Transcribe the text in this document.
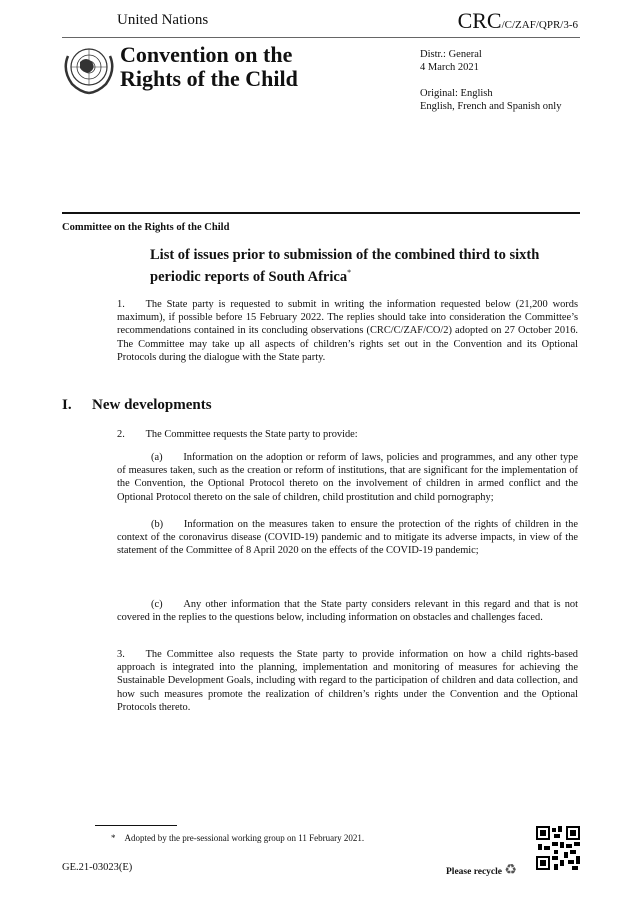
United Nations	CRC/C/ZAF/QPR/3-6
Convention on the
Rights of the Child
Distr.: General
4 March 2021
Original: English
English, French and Spanish only
Committee on the Rights of the Child
List of issues prior to submission of the combined third to sixth periodic reports of South Africa*
1.  The State party is requested to submit in writing the information requested below (21,200 words maximum), if possible before 15 February 2022. The replies should take into consideration the Committee’s recommendations contained in its concluding observations (CRC/C/ZAF/CO/2) adopted on 27 October 2016. The Committee may take up all aspects of children’s rights set out in the Convention and its Optional Protocols during the dialogue with the State party.
I. New developments
2.  The Committee requests the State party to provide:
(a)  Information on the adoption or reform of laws, policies and programmes, and any other type of measures taken, such as the creation or reform of institutions, that are significant for the implementation of the Convention, the Optional Protocol thereto on the involvement of children in armed conflict and the Optional Protocol thereto on the sale of children, child prostitution and child pornography;
(b)  Information on the measures taken to ensure the protection of the rights of children in the context of the coronavirus disease (COVID-19) pandemic and to mitigate its adverse impacts, in view of the statement of the Committee of 8 April 2020 on the effects of the COVID-19 pandemic;
(c)  Any other information that the State party considers relevant in this regard and that is not covered in the replies to the questions below, including information on obstacles and challenges faced.
3.  The Committee also requests the State party to provide information on how a child rights-based approach is integrated into the planning, implementation and monitoring of measures for achieving the Sustainable Development Goals, including with regard to the participation of children and data collection, and how such measures promote the realization of children’s rights under the Convention and the Optional Protocols thereto.
* Adopted by the pre-sessional working group on 11 February 2021.
GE.21-03023(E)	Please recycle ♻
